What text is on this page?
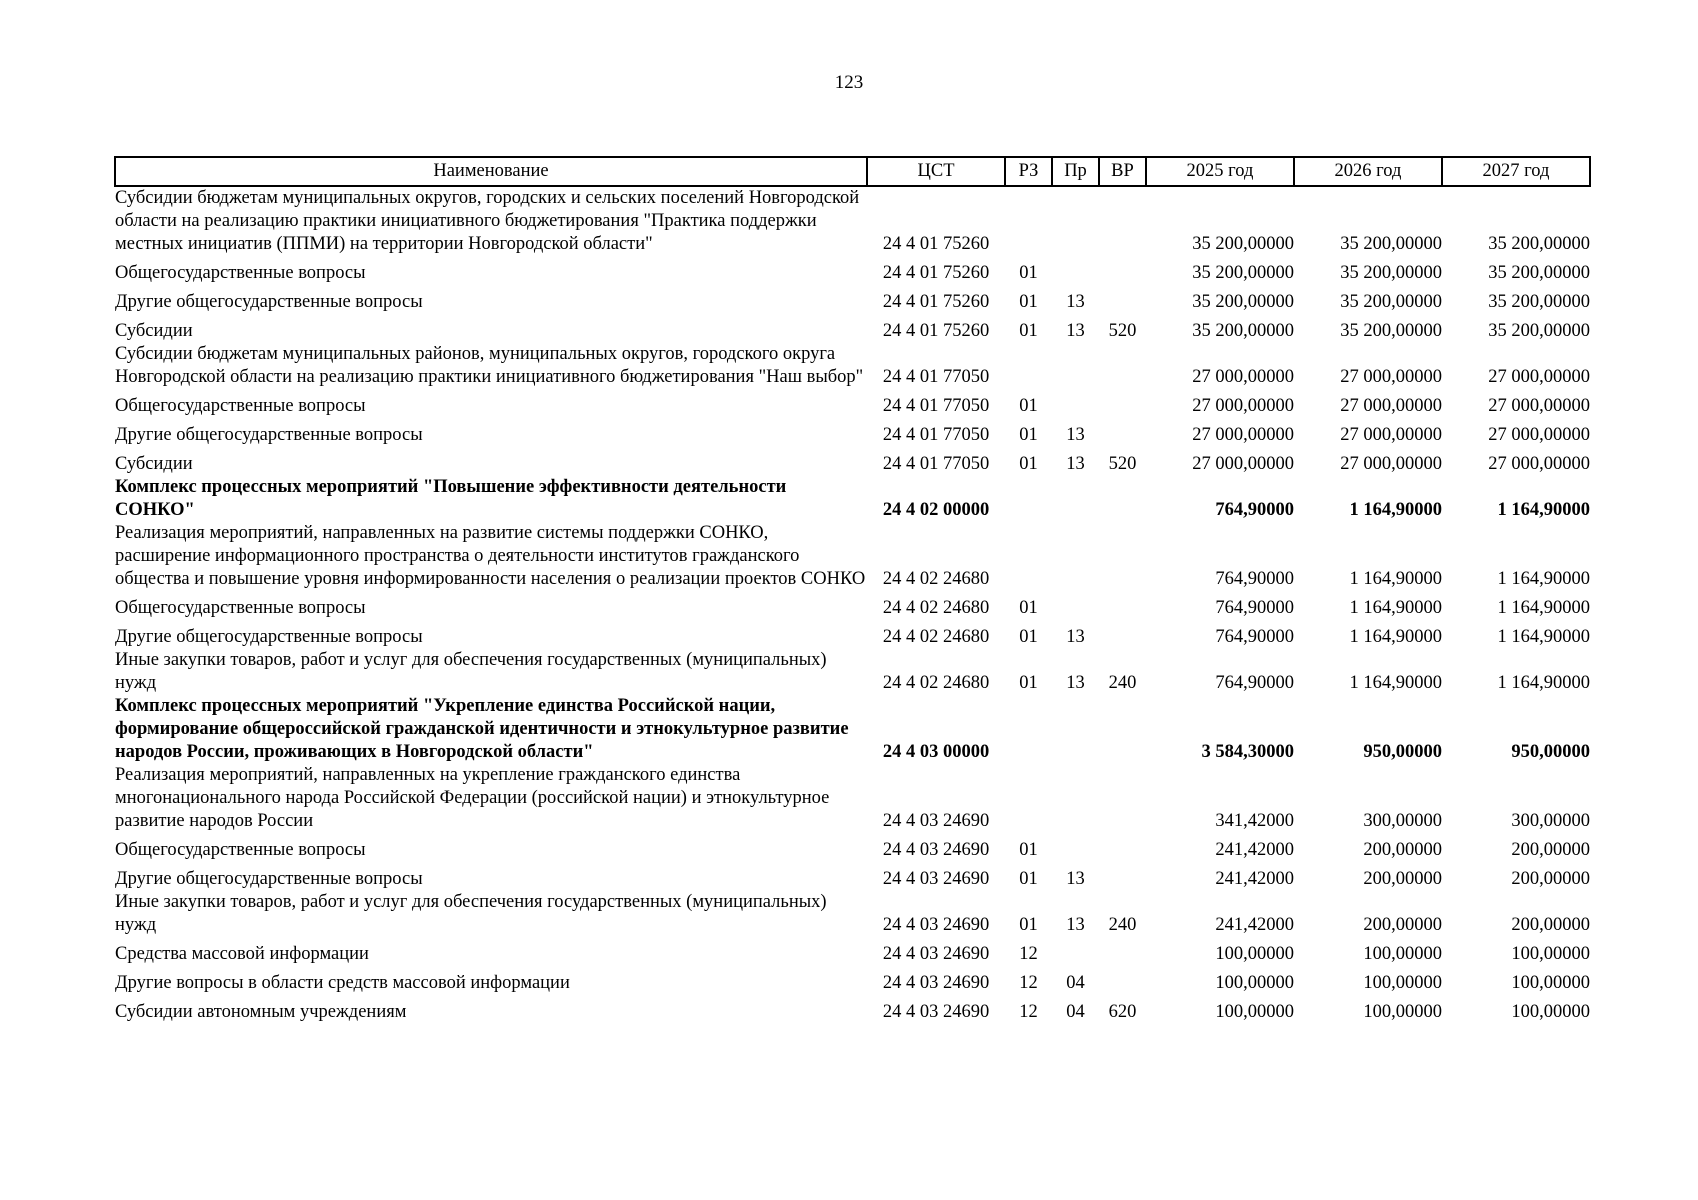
123
Наименование	ЦСТ	РЗ	Пр	ВР	2025 год	2026 год	2027 год
Субсидии бюджетам муниципальных округов, городских и сельских поселений Новгородской области на реализацию практики инициативного бюджетирования "Практика поддержки местных инициатив (ППМИ) на территории Новгородской области"	24 4 01 75260				35 200,00000	35 200,00000	35 200,00000
Общегосударственные вопросы	24 4 01 75260	01			35 200,00000	35 200,00000	35 200,00000
Другие общегосударственные вопросы	24 4 01 75260	01	13		35 200,00000	35 200,00000	35 200,00000
Субсидии	24 4 01 75260	01	13	520	35 200,00000	35 200,00000	35 200,00000
Субсидии бюджетам муниципальных районов, муниципальных округов, городского округа Новгородской области на реализацию практики инициативного бюджетирования "Наш выбор"	24 4 01 77050				27 000,00000	27 000,00000	27 000,00000
Общегосударственные вопросы	24 4 01 77050	01			27 000,00000	27 000,00000	27 000,00000
Другие общегосударственные вопросы	24 4 01 77050	01	13		27 000,00000	27 000,00000	27 000,00000
Субсидии	24 4 01 77050	01	13	520	27 000,00000	27 000,00000	27 000,00000
Комплекс процессных мероприятий "Повышение эффективности деятельности СОНКО"	24 4 02 00000				764,90000	1 164,90000	1 164,90000
Реализация мероприятий, направленных на развитие системы поддержки СОНКО, расширение информационного пространства о деятельности институтов гражданского общества и повышение уровня информированности населения о реализации проектов СОНКО	24 4 02 24680				764,90000	1 164,90000	1 164,90000
Общегосударственные вопросы	24 4 02 24680	01			764,90000	1 164,90000	1 164,90000
Другие общегосударственные вопросы	24 4 02 24680	01	13		764,90000	1 164,90000	1 164,90000
Иные закупки товаров, работ и услуг для обеспечения государственных (муниципальных) нужд	24 4 02 24680	01	13	240	764,90000	1 164,90000	1 164,90000
Комплекс процессных мероприятий "Укрепление единства Российской нации, формирование общероссийской гражданской идентичности и этнокультурное развитие народов России, проживающих в Новгородской области"	24 4 03 00000				3 584,30000	950,00000	950,00000
Реализация мероприятий, направленных на укрепление гражданского единства многонационального народа Российской Федерации (российской нации) и этнокультурное развитие народов России	24 4 03 24690				341,42000	300,00000	300,00000
Общегосударственные вопросы	24 4 03 24690	01			241,42000	200,00000	200,00000
Другие общегосударственные вопросы	24 4 03 24690	01	13		241,42000	200,00000	200,00000
Иные закупки товаров, работ и услуг для обеспечения государственных (муниципальных) нужд	24 4 03 24690	01	13	240	241,42000	200,00000	200,00000
Средства массовой информации	24 4 03 24690	12			100,00000	100,00000	100,00000
Другие вопросы в области средств массовой информации	24 4 03 24690	12	04		100,00000	100,00000	100,00000
Субсидии автономным учреждениям	24 4 03 24690	12	04	620	100,00000	100,00000	100,00000
